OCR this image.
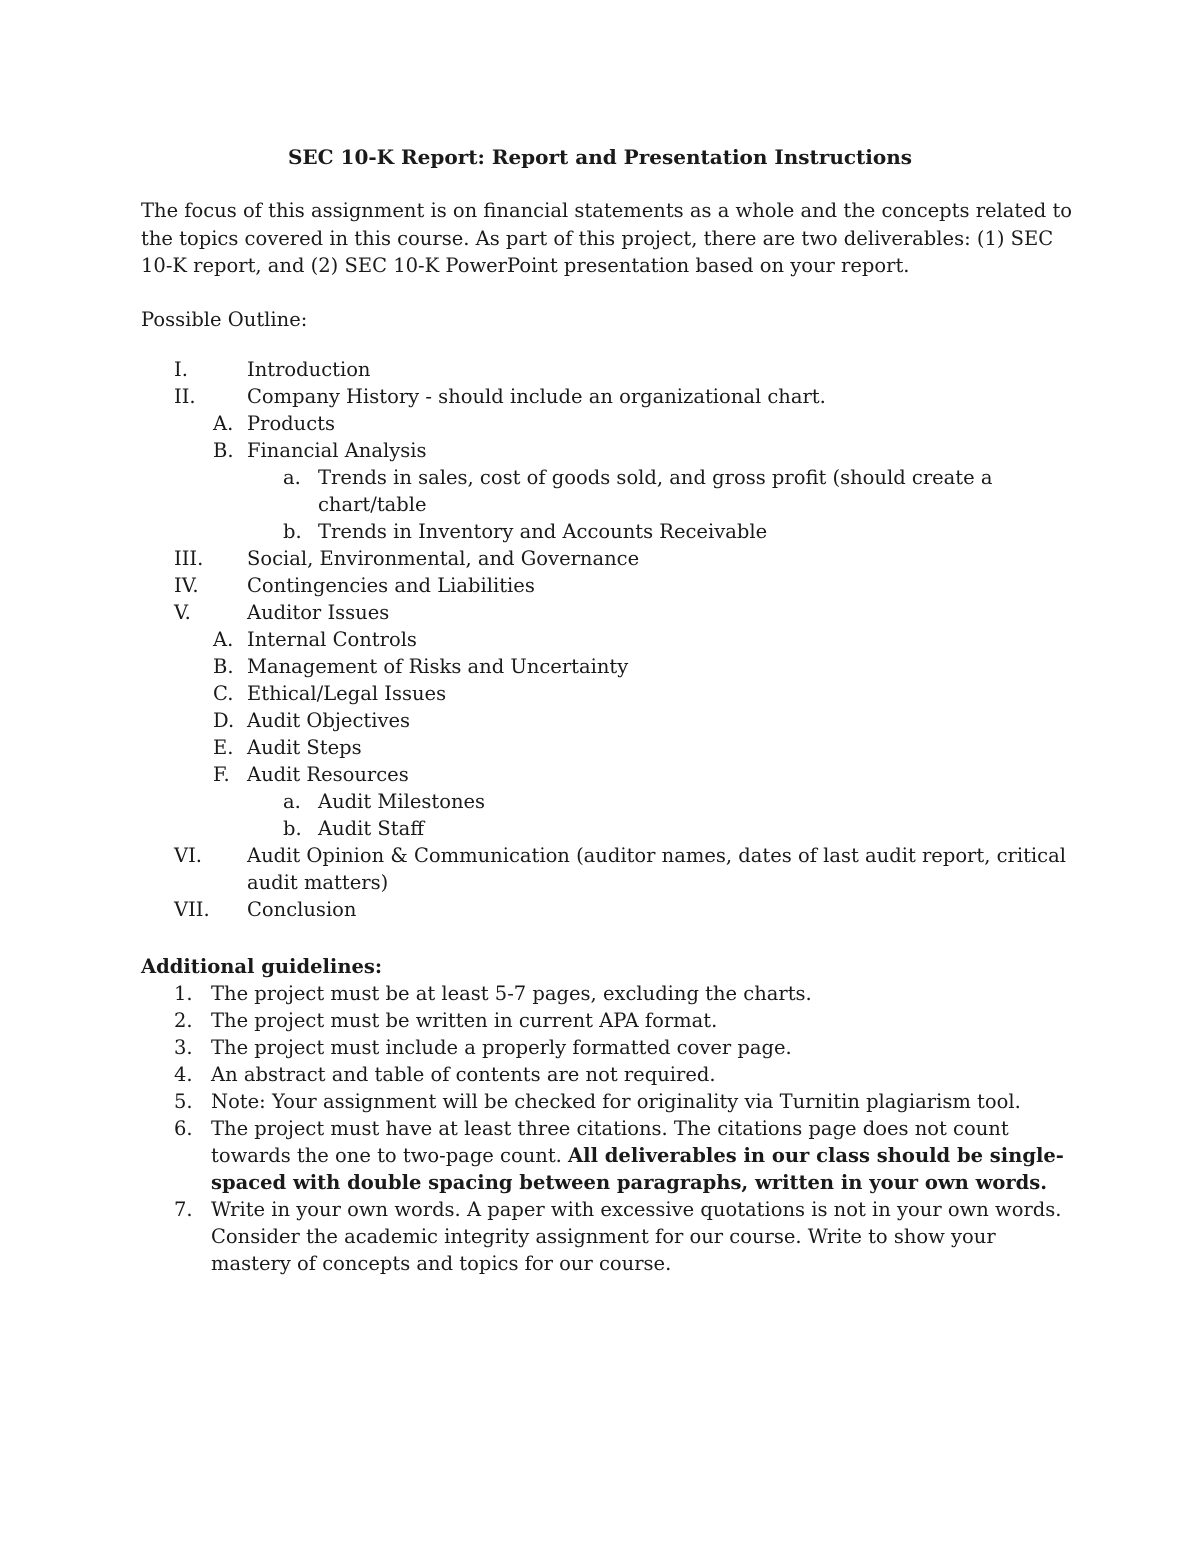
SEC 10-K Report: Report and Presentation Instructions
The focus of this assignment is on financial statements as a whole and the concepts related to the topics covered in this course. As part of this project, there are two deliverables: (1) SEC 10-K report, and (2) SEC 10-K PowerPoint presentation based on your report.
Possible Outline:
I.	Introduction
II.	Company History - should include an organizational chart.
A. Products
B. Financial Analysis
a. Trends in sales, cost of goods sold, and gross profit (should create a chart/table
b. Trends in Inventory and Accounts Receivable
III. Social, Environmental, and Governance
IV. Contingencies and Liabilities
V.	Auditor Issues
A. Internal Controls
B. Management of Risks and Uncertainty
C. Ethical/Legal Issues
D. Audit Objectives
E. Audit Steps
F. Audit Resources
a. Audit Milestones
b. Audit Staff
VI. Audit Opinion & Communication (auditor names, dates of last audit report, critical audit matters)
VII. Conclusion
Additional guidelines:
1. The project must be at least 5-7 pages, excluding the charts.
2. The project must be written in current APA format.
3. The project must include a properly formatted cover page.
4. An abstract and table of contents are not required.
5. Note: Your assignment will be checked for originality via Turnitin plagiarism tool.
6. The project must have at least three citations. The citations page does not count towards the one to two-page count. All deliverables in our class should be single-spaced with double spacing between paragraphs, written in your own words.
7. Write in your own words. A paper with excessive quotations is not in your own words. Consider the academic integrity assignment for our course. Write to show your mastery of concepts and topics for our course.
